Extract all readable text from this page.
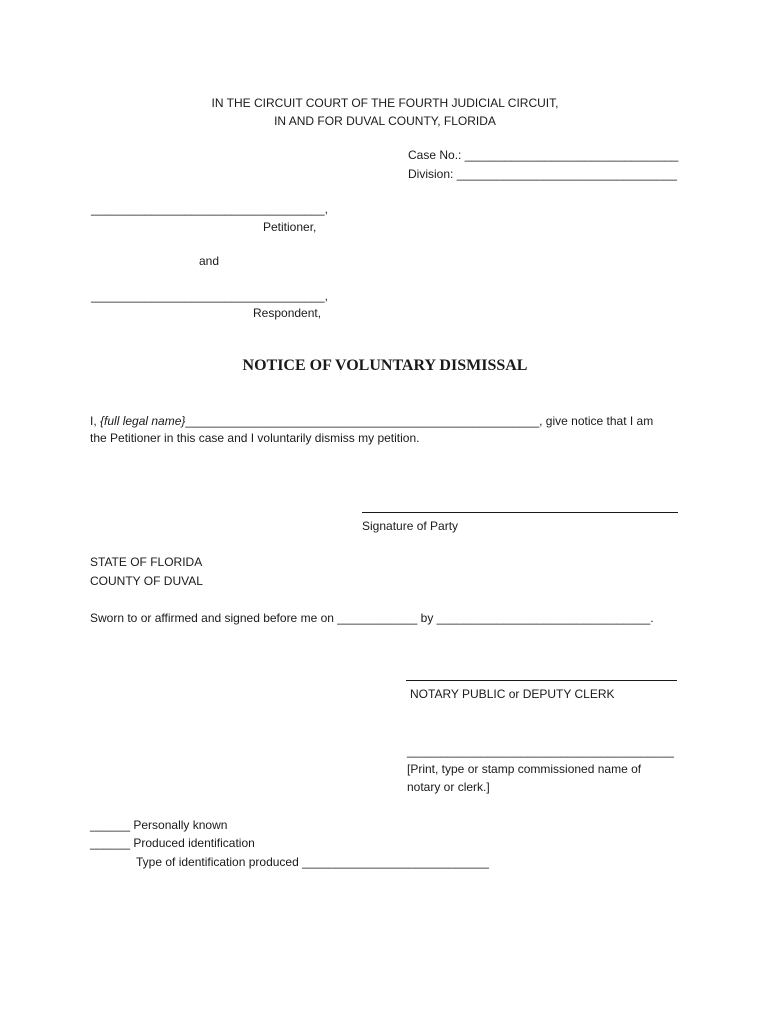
IN THE CIRCUIT COURT OF THE FOURTH JUDICIAL CIRCUIT,
IN AND FOR DUVAL COUNTY, FLORIDA
Case No.: ________________________________
Division: _________________________________
___________________________________,
Petitioner,
and
___________________________________,
Respondent,
NOTICE OF VOLUNTARY DISMISSAL
I, {full legal name}_____________________________________________________, give notice that I am
the Petitioner in this case and I voluntarily dismiss my petition.
Signature of Party
STATE OF FLORIDA
COUNTY OF DUVAL
Sworn to or affirmed and signed before me on ____________ by ________________________________.
NOTARY PUBLIC or DEPUTY CLERK
________________________________________
[Print, type or stamp commissioned name of
notary or clerk.]
______ Personally known
______ Produced identification
Type of identification produced ____________________________
